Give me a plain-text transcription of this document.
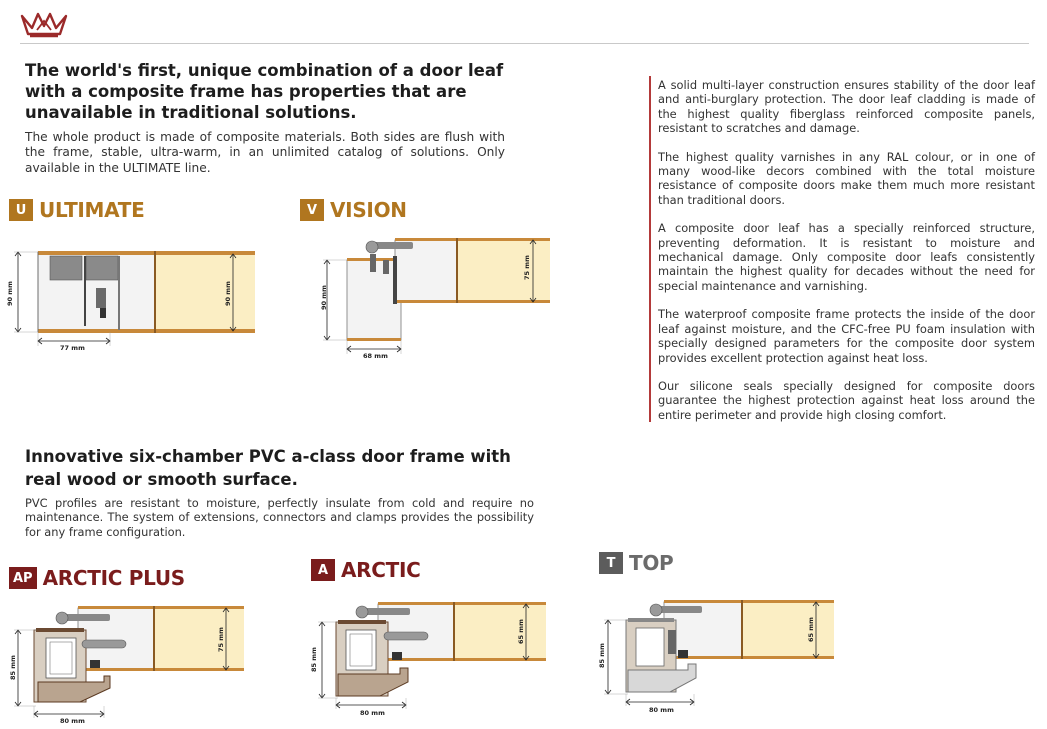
The world's first, unique combination of a door leaf with a composite frame has properties that are unavailable in traditional solutions.

The whole product is made of composite materials. Both sides are flush with the frame, stable, ultra-warm, in an unlimited catalog of solutions. Only available in the ULTIMATE line.

U ULTIMATE
90 mm
77 mm
90 mm
V VISION
90 mm
68 mm
75 mm

A solid multi-layer construction ensures stability of the door leaf and anti-burglary protection. The door leaf cladding is made of the highest quality fiberglass reinforced composite panels, resistant to scratches and damage.

The highest quality varnishes in any RAL colour, or in one of many wood-like decors combined with the total moisture resistance of composite doors make them much more resistant than traditional doors.

A composite door leaf has a specially reinforced structure, preventing deformation. It is resistant to moisture and mechanical damage. Only composite door leafs consistently maintain the highest quality for decades without the need for special maintenance and varnishing.

The waterproof composite frame protects the inside of the door leaf against moisture, and the CFC-free PU foam insulation with specially designed parameters for the composite door system provides excellent protection against heat loss.

Our silicone seals specially designed for composite doors guarantee the highest protection against heat loss around the entire perimeter and provide high closing comfort.

Innovative six-chamber PVC a-class door frame with real wood or smooth surface.

PVC profiles are resistant to moisture, perfectly insulate from cold and require no maintenance. The system of extensions, connectors and clamps provides the possibility for any frame configuration.

AP ARCTIC PLUS
85 mm
80 mm
75 mm
A ARCTIC
85 mm
80 mm
65 mm
T TOP
85 mm
80 mm
65 mm
